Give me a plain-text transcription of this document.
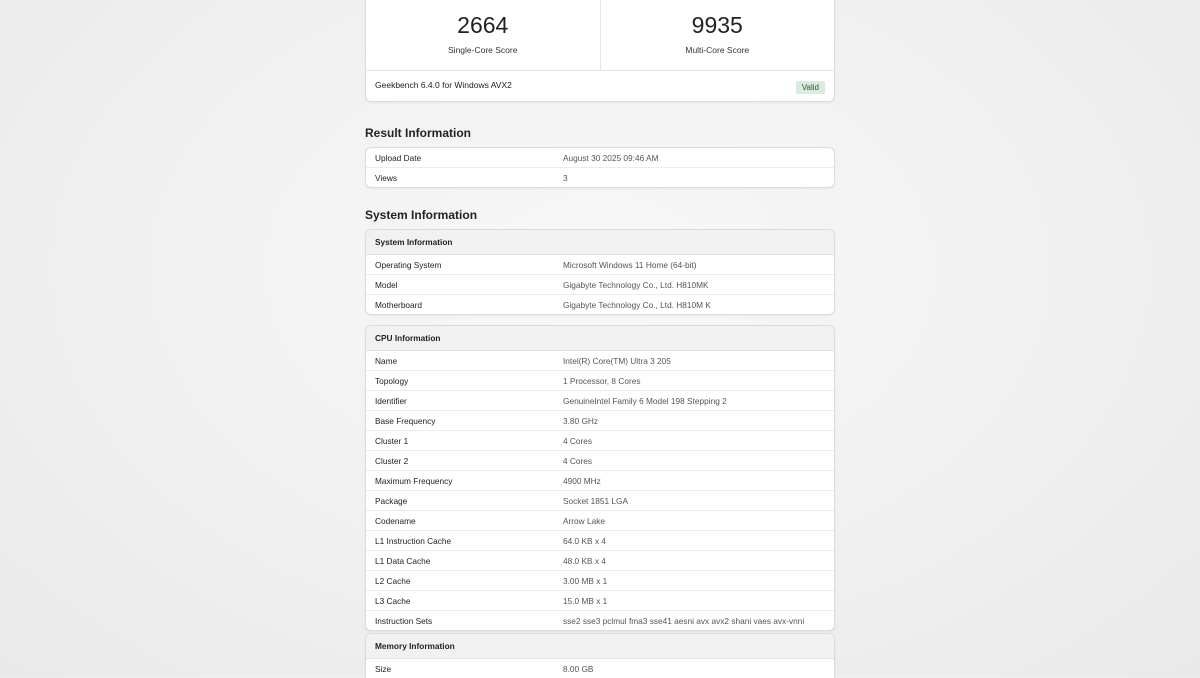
2664
Single-Core Score
9935
Multi-Core Score
Geekbench 6.4.0 for Windows AVX2	Valid
Result Information
Upload Date	August 30 2025 09:46 AM
Views	3
System Information
System Information
Operating System	Microsoft Windows 11 Home (64-bit)
Model	Gigabyte Technology Co., Ltd. H810MK
Motherboard	Gigabyte Technology Co., Ltd. H810M K
CPU Information
Name	Intel(R) Core(TM) Ultra 3 205
Topology	1 Processor, 8 Cores
Identifier	GenuineIntel Family 6 Model 198 Stepping 2
Base Frequency	3.80 GHz
Cluster 1	4 Cores
Cluster 2	4 Cores
Maximum Frequency	4900 MHz
Package	Socket 1851 LGA
Codename	Arrow Lake
L1 Instruction Cache	64.0 KB x 4
L1 Data Cache	48.0 KB x 4
L2 Cache	3.00 MB x 1
L3 Cache	15.0 MB x 1
Instruction Sets	sse2 sse3 pclmul fma3 sse41 aesni avx avx2 shani vaes avx-vnni
Memory Information
Size	8.00 GB
